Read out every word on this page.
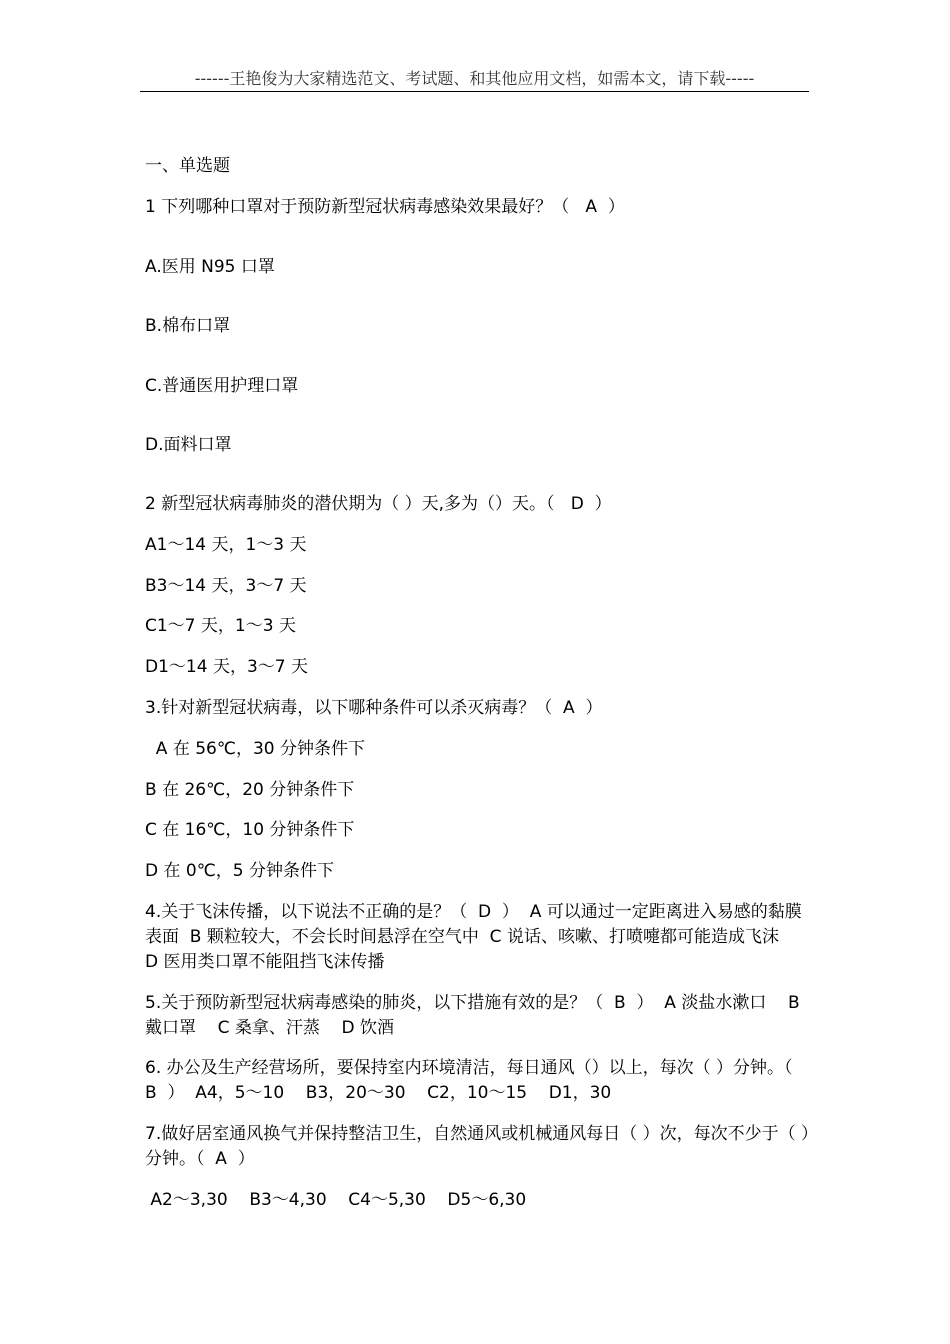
------王艳俊为大家精选范文、考试题、和其他应用文档，如需本文，请下载-----
一、单选题
1 下列哪种口罩对于预防新型冠状病毒感染效果最好？（   A  ）
A.医用 N95 口罩
B.棉布口罩
C.普通医用护理口罩
D.面料口罩
2 新型冠状病毒肺炎的潜伏期为（ ）天,多为（）天。（   D  ）
A1～14 天，1～3 天
B3～14 天，3～7 天
C1～7 天，1～3 天
D1～14 天，3～7 天
3.针对新型冠状病毒，以下哪种条件可以杀灭病毒？（  A  ）
A 在 56℃，30 分钟条件下
B 在 26℃，20 分钟条件下
C 在 16℃，10 分钟条件下
D 在 0℃，5 分钟条件下
4.关于飞沫传播，以下说法不正确的是？（  D  ）  A 可以通过一定距离进入易感的黏膜表面  B 颗粒较大，不会长时间悬浮在空气中  C 说话、咳嗽、打喷嚏都可能造成飞沫    D 医用类口罩不能阻挡飞沫传播
5.关于预防新型冠状病毒感染的肺炎，以下措施有效的是？（  B  ）  A 淡盐水漱口    B 戴口罩    C 桑拿、汗蒸    D 饮酒
6. 办公及生产经营场所，要保持室内环境清洁，每日通风（）以上，每次（ ）分钟。（  B  ）  A4，5～10    B3，20～30    C2，10～15    D1，30
7.做好居室通风换气并保持整洁卫生，自然通风或机械通风每日（ ）次，每次不少于（ ）分钟。（  A  ）
A2～3,30    B3～4,30    C4～5,30    D5～6,30
